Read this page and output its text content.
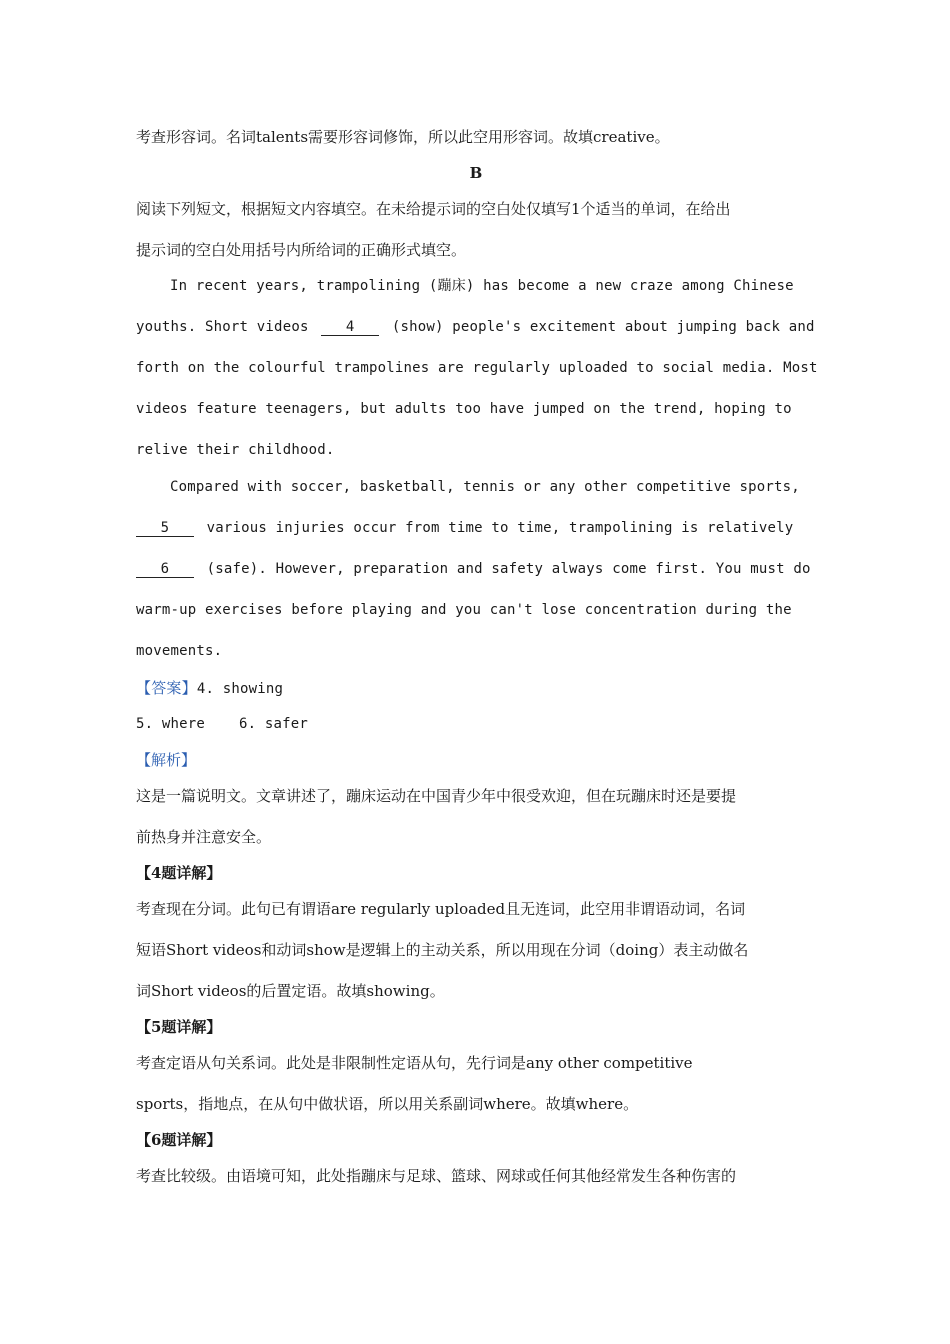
考查形容词。名词talents需要形容词修饰，所以此空用形容词。故填creative。
B
阅读下列短文，根据短文内容填空。在未给提示词的空白处仅填写1个适当的单词，在给出
提示词的空白处用括号内所给词的正确形式填空。
In recent years, trampolining (蹦床) has become a new craze among Chinese
youths. Short videos	4	(show) people's excitement about jumping back and
forth on the colourful trampolines are regularly uploaded to social media. Most
videos feature teenagers, but adults too have jumped on the trend, hoping to
relive their childhood.
Compared with soccer, basketball, tennis or any other competitive sports,
5	various injuries occur from time to time, trampolining is relatively
6	(safe). However, preparation and safety always come first. You must do
warm-up exercises before playing and you can't lose concentration during the
movements.
【答案】4. showing
5. where 6. safer
【解析】
这是一篇说明文。文章讲述了，蹦床运动在中国青少年中很受欢迎，但在玩蹦床时还是要提
前热身并注意安全。
【4题详解】
考查现在分词。此句已有谓语are regularly uploaded且无连词，此空用非谓语动词，名词
短语Short videos和动词show是逻辑上的主动关系，所以用现在分词（doing）表主动做名
词Short videos的后置定语。故填showing。
【5题详解】
考查定语从句关系词。此处是非限制性定语从句，先行词是any other competitive
sports，指地点，在从句中做状语，所以用关系副词where。故填where。
【6题详解】
考查比较级。由语境可知，此处指蹦床与足球、篮球、网球或任何其他经常发生各种伤害的
